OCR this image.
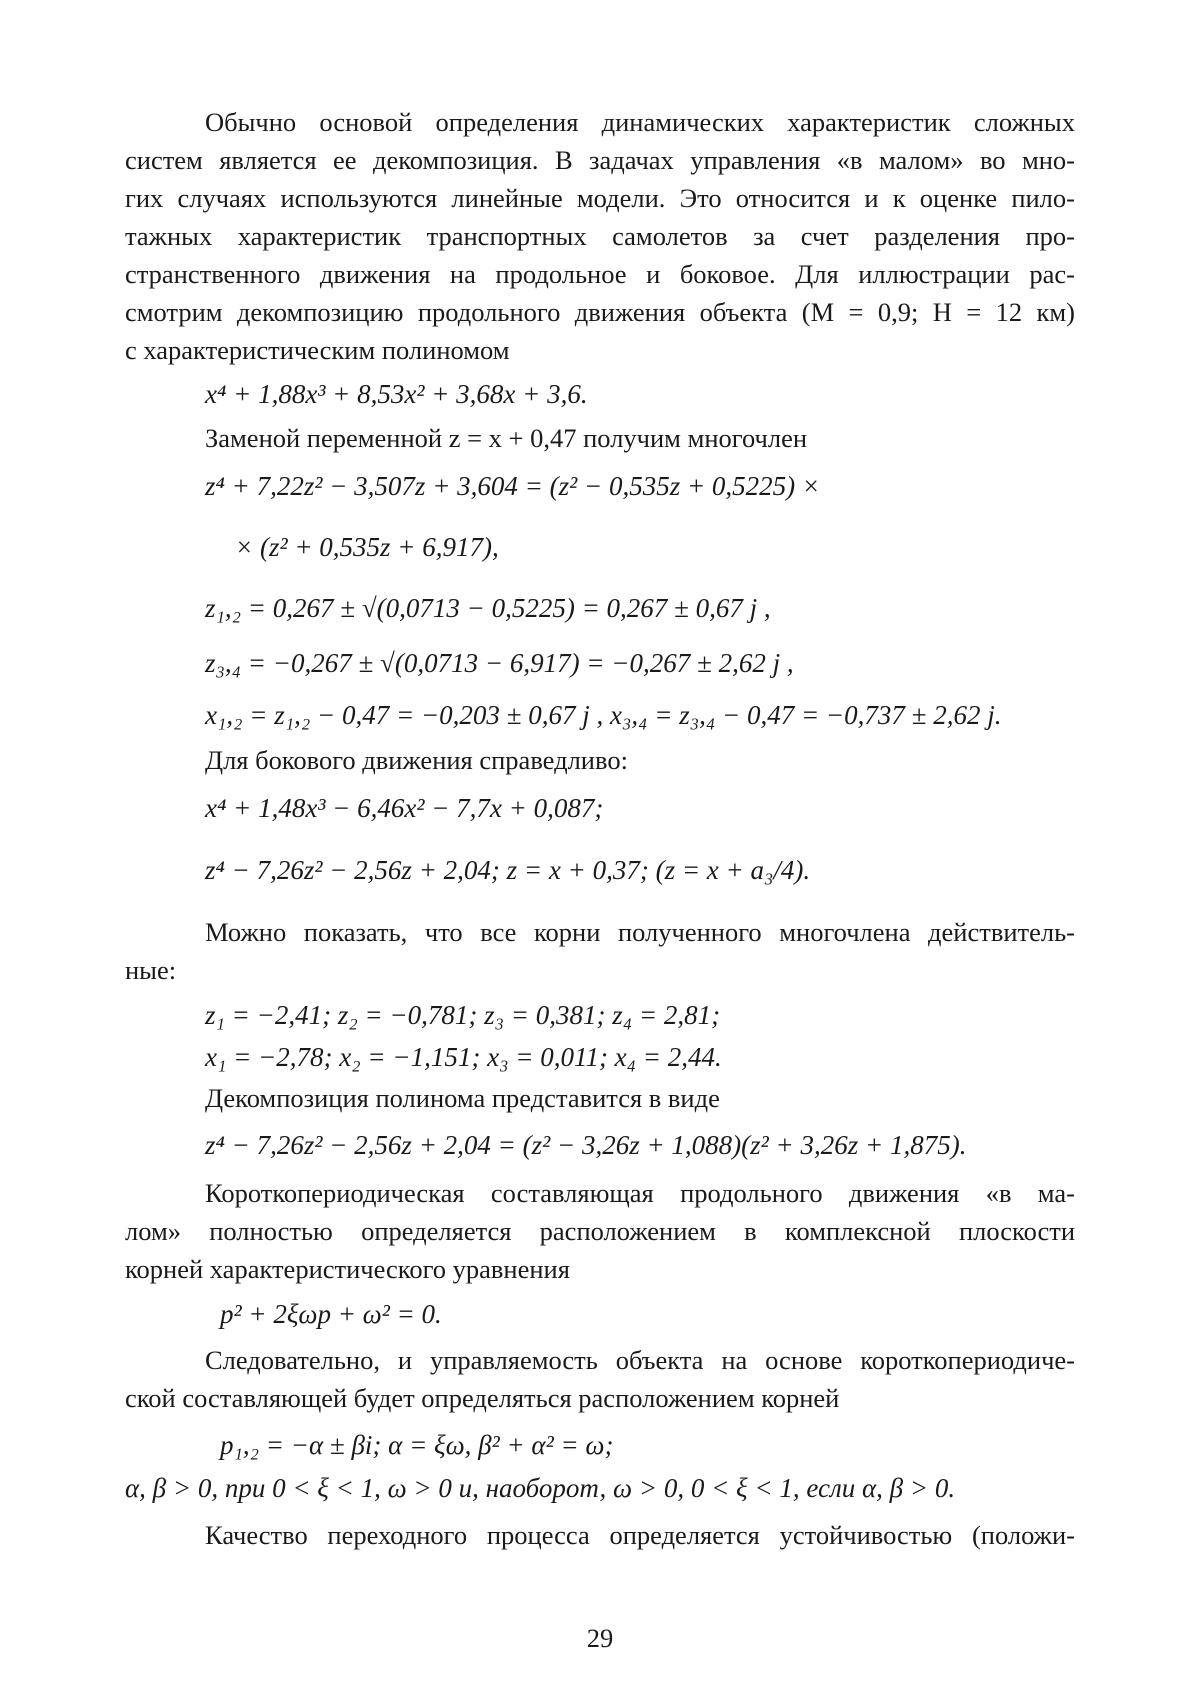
Обычно основой определения динамических характеристик сложных
систем является ее декомпозиция. В задачах управления «в малом» во мно-
гих случаях используются линейные модели. Это относится и к оценке пило-
тажных характеристик транспортных самолетов за счет разделения про-
странственного движения на продольное и боковое. Для иллюстрации рас-
смотрим декомпозицию продольного движения объекта (M = 0,9; H = 12 км)
с характеристическим полиномом
x⁴ + 1,88x³ + 8,53x² + 3,68x + 3,6.
Заменой переменной z = x + 0,47 получим многочлен
z⁴ + 7,22z² − 3,507z + 3,604 = (z² − 0,535z + 0,5225) ×
× (z² + 0,535z + 6,917),
z₁,₂ = 0,267 ± √(0,0713 − 0,5225) = 0,267 ± 0,67 j ,
z₃,₄ = −0,267 ± √(0,0713 − 6,917) = −0,267 ± 2,62 j ,
x₁,₂ = z₁,₂ − 0,47 = −0,203 ± 0,67 j , x₃,₄ = z₃,₄ − 0,47 = −0,737 ± 2,62 j.
Для бокового движения справедливо:
x⁴ + 1,48x³ − 6,46x² − 7,7x + 0,087;
z⁴ − 7,26z² − 2,56z + 2,04; z = x + 0,37; (z = x + a₃/4).
Можно показать, что все корни полученного многочлена действитель-
ные:
z₁ = −2,41; z₂ = −0,781; z₃ = 0,381; z₄ = 2,81;
x₁ = −2,78; x₂ = −1,151; x₃ = 0,011; x₄ = 2,44.
Декомпозиция полинома представится в виде
z⁴ − 7,26z² − 2,56z + 2,04 = (z² − 3,26z + 1,088)(z² + 3,26z + 1,875).
Короткопериодическая составляющая продольного движения «в ма-
лом» полностью определяется расположением в комплексной плоскости
корней характеристического уравнения
p² + 2ξωp + ω² = 0.
Следовательно, и управляемость объекта на основе короткопериодиче-
ской составляющей будет определяться расположением корней
p₁,₂ = −α ± βi; α = ξω, β² + α² = ω;
α, β > 0, при 0 < ξ < 1, ω > 0 и, наоборот, ω > 0, 0 < ξ < 1, если α, β > 0.
Качество переходного процесса определяется устойчивостью (положи-
29
